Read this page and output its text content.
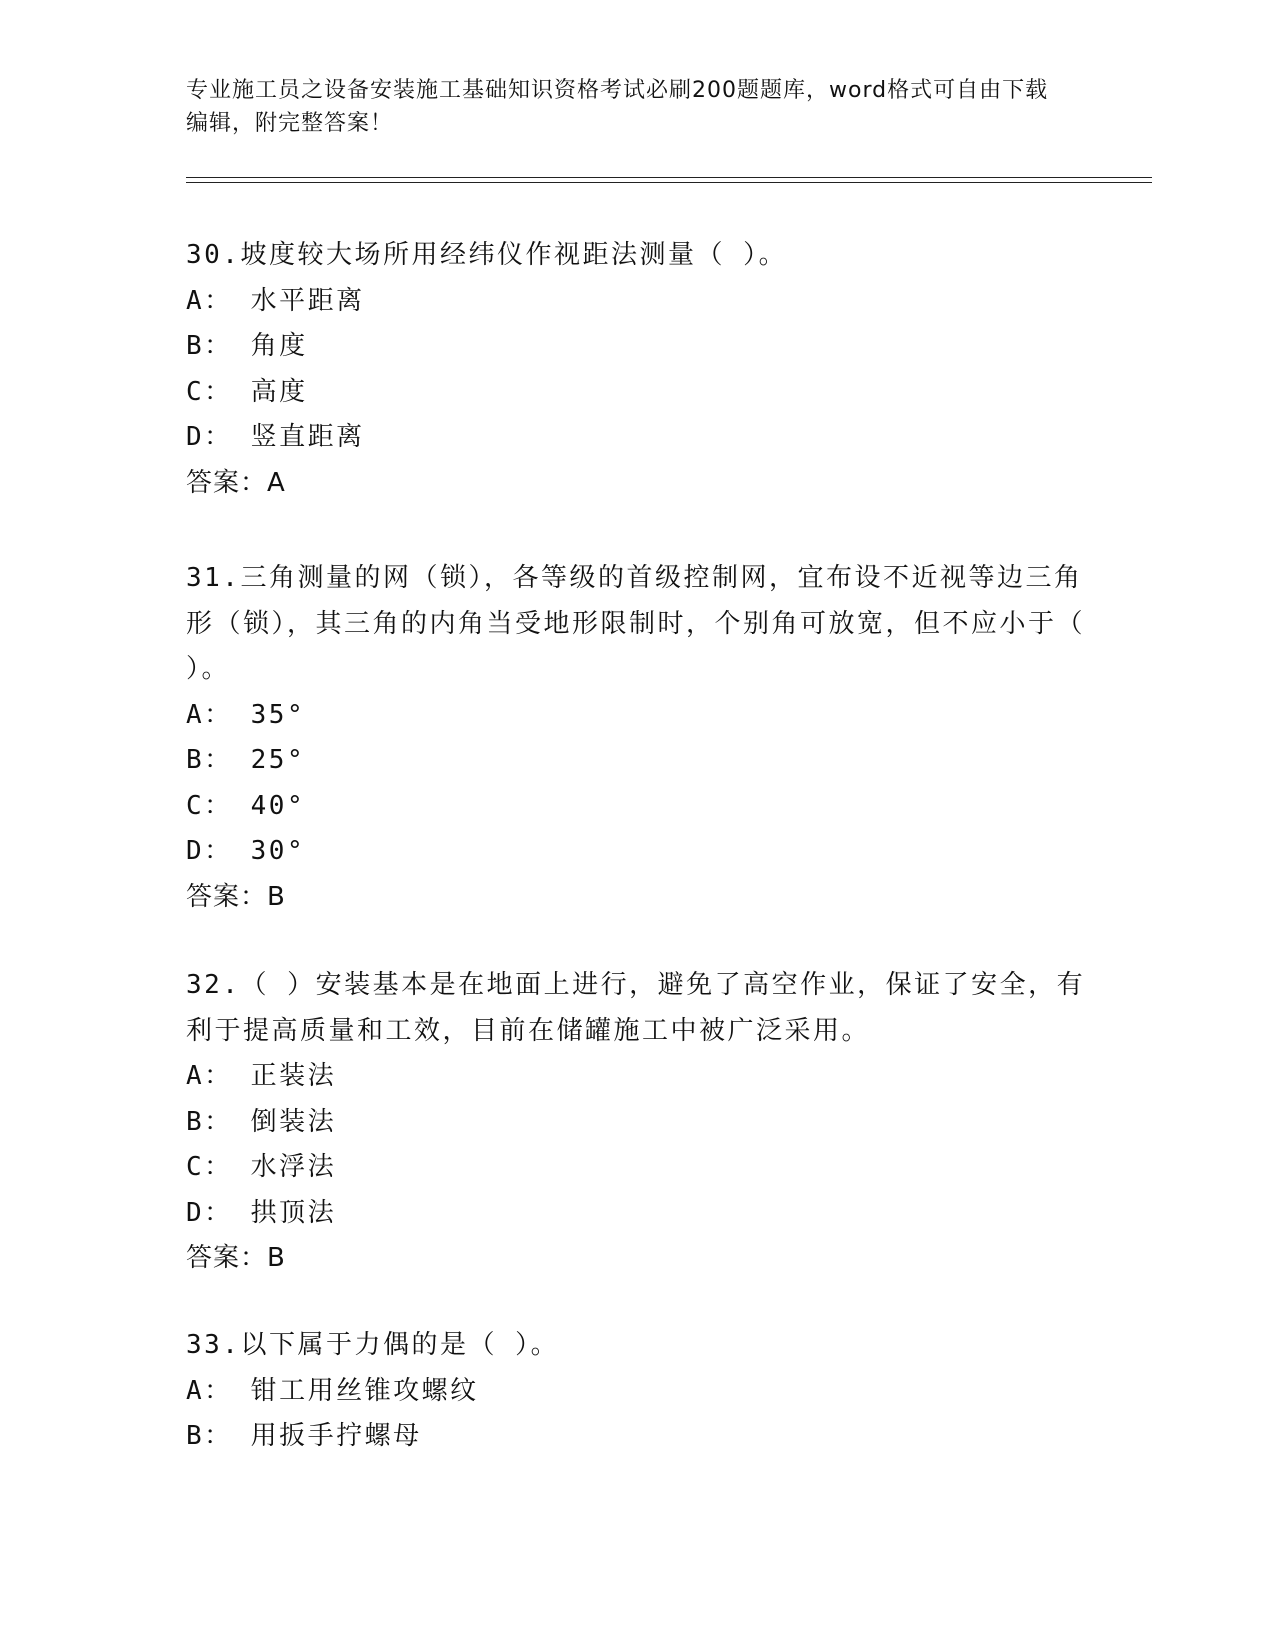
专业施工员之设备安装施工基础知识资格考试必刷200题题库，word格式可自由下载编辑，附完整答案！
30.坡度较大场所用经纬仪作视距法测量（ ）。
A： 水平距离
B： 角度
C： 高度
D： 竖直距离
答案：A
31.三角测量的网（锁），各等级的首级控制网，宜布设不近视等边三角形（锁），其三角的内角当受地形限制时，个别角可放宽，但不应小于（ ）。
A： 35°
B： 25°
C： 40°
D： 30°
答案：B
32.（ ）安装基本是在地面上进行，避免了高空作业，保证了安全，有利于提高质量和工效，目前在储罐施工中被广泛采用。
A： 正装法
B： 倒装法
C： 水浮法
D： 拱顶法
答案：B
33.以下属于力偶的是（ ）。
A： 钳工用丝锥攻螺纹
B： 用扳手拧螺母
